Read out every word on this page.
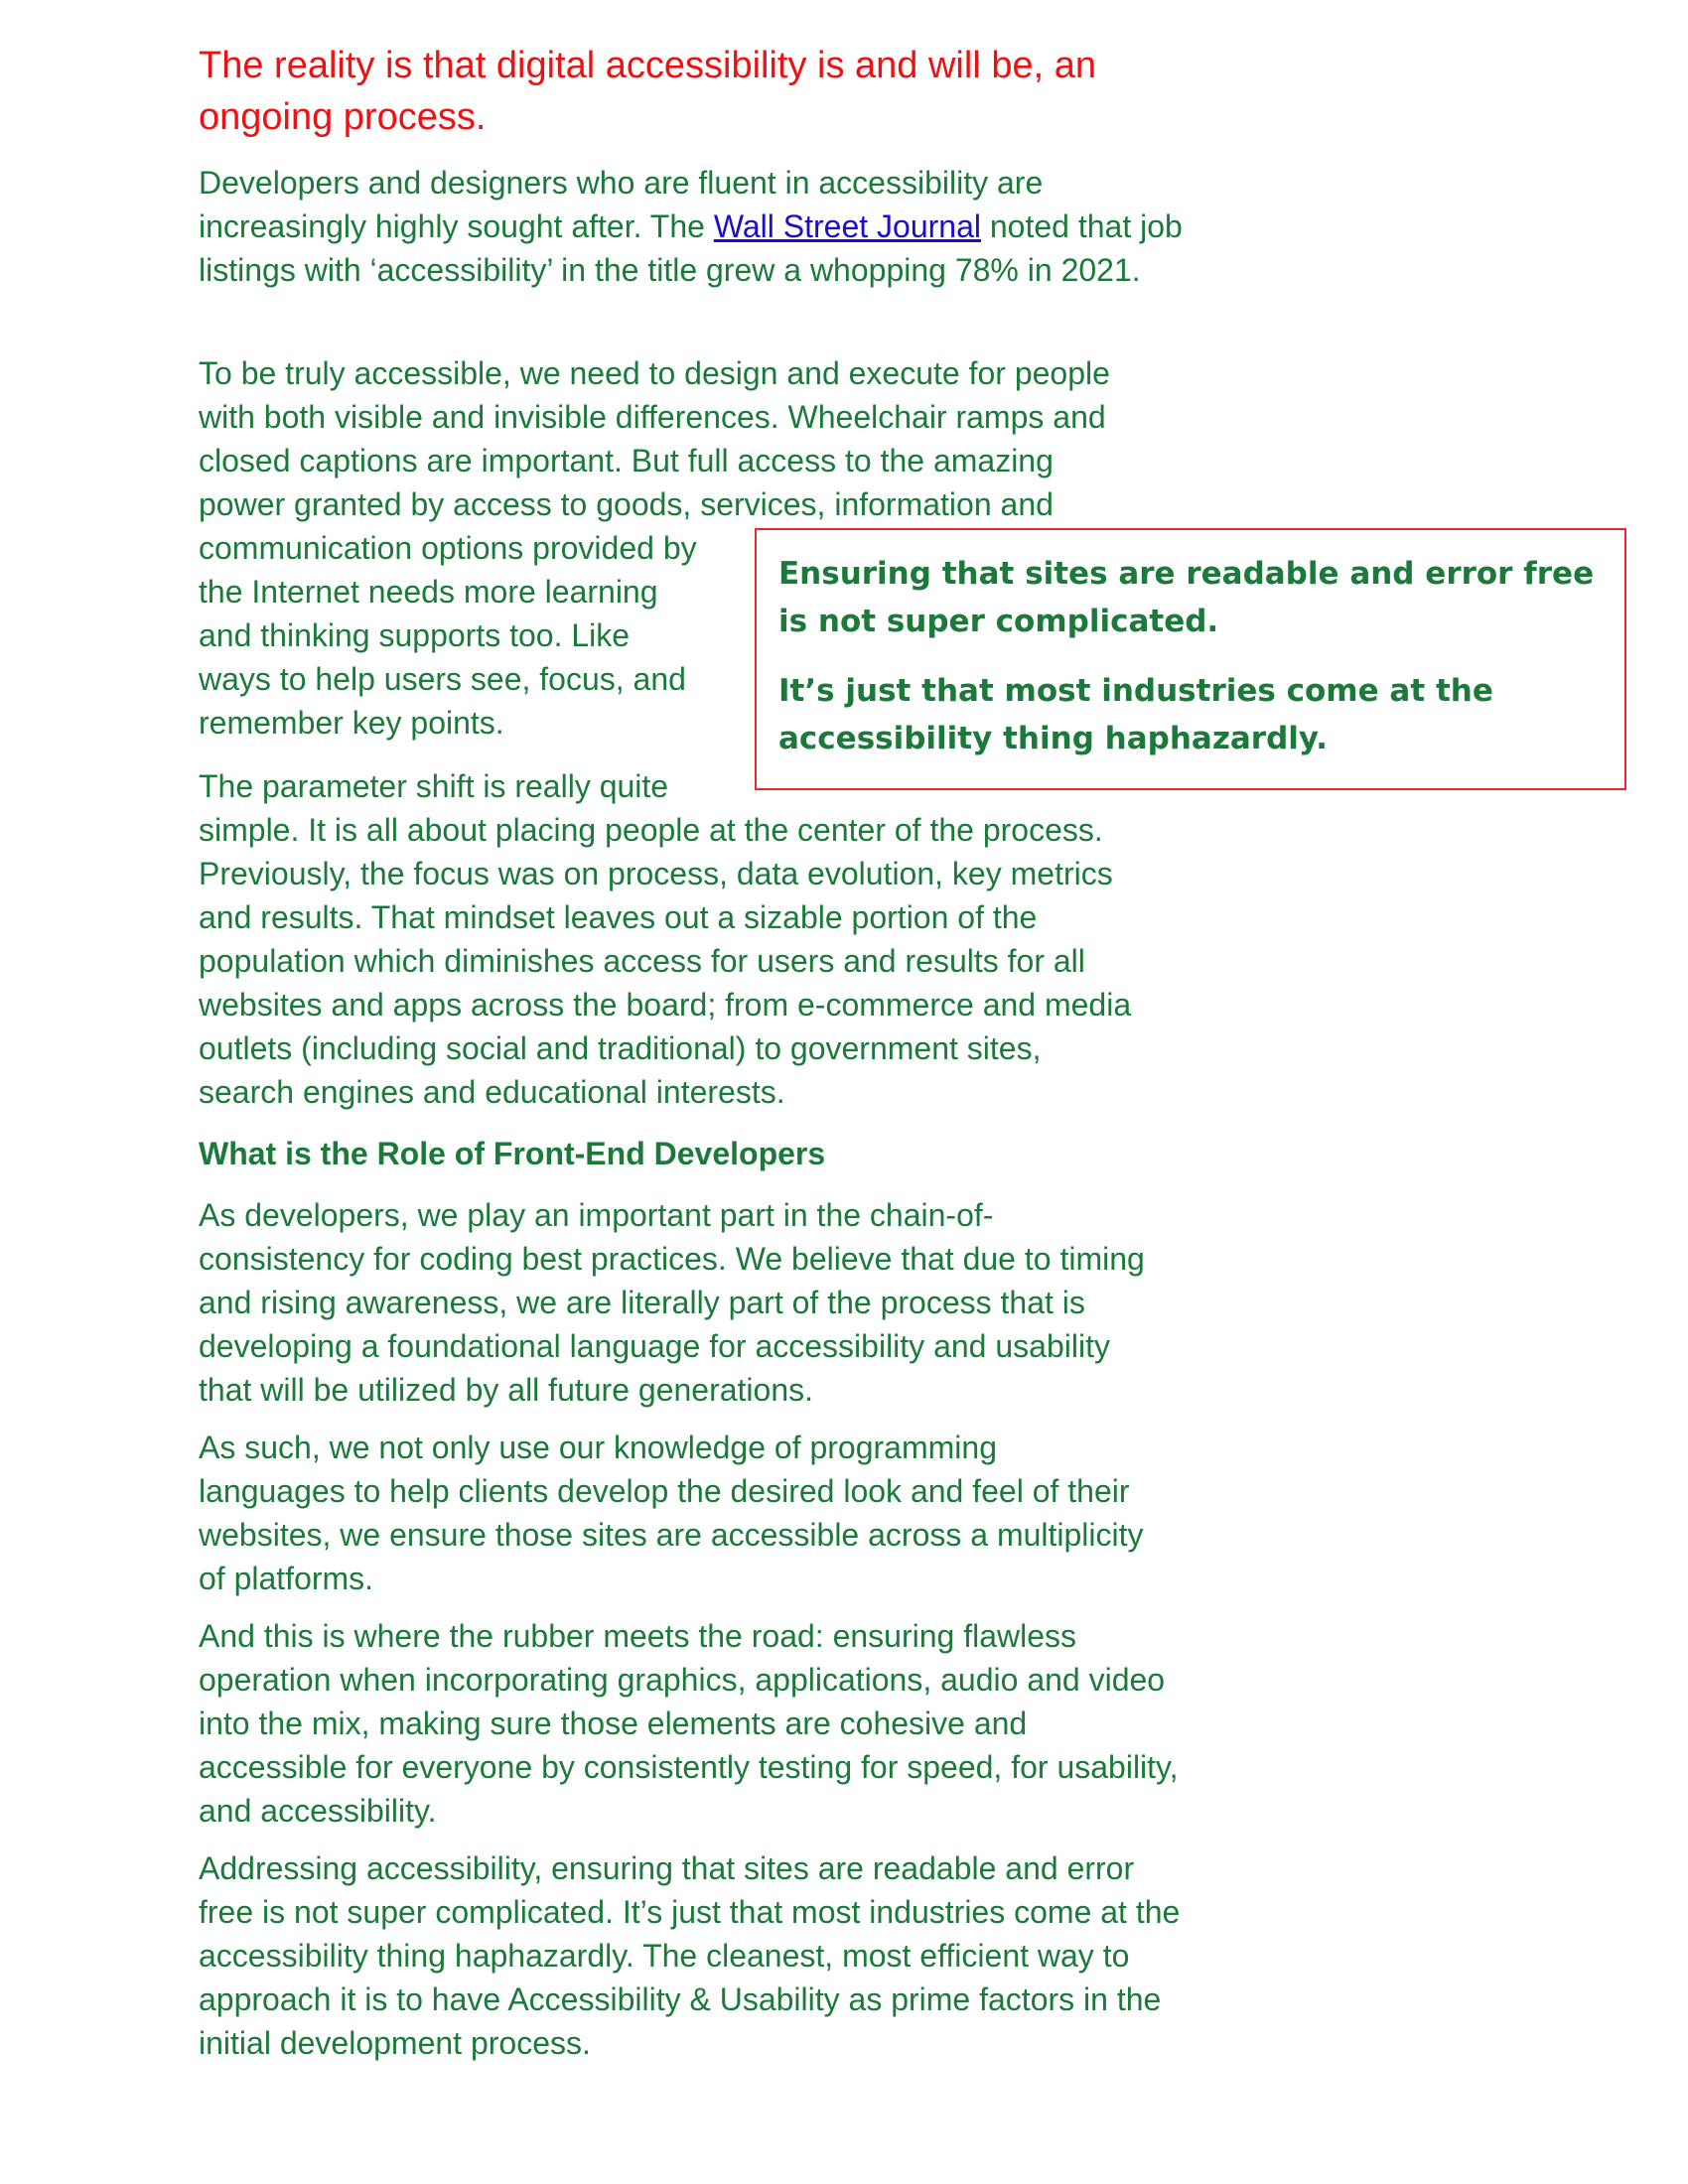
The reality is that digital accessibility is and will be, an ongoing process.

Developers and designers who are fluent in accessibility are increasingly highly sought after. The Wall Street Journal noted that job listings with ‘accessibility’ in the title grew a whopping 78% in 2021.

To be truly accessible, we need to design and execute for people
with both visible and invisible differences. Wheelchair ramps and
closed captions are important. But full access to the amazing
power granted by access to goods, services, information and
communication options provided by
the Internet needs more learning
and thinking supports too. Like
ways to help users see, focus, and
remember key points.

Ensuring that sites are readable and error free is not super complicated.

It’s just that most industries come at the accessibility thing haphazardly.

The parameter shift is really quite
simple. It is all about placing people at the center of the process.
Previously, the focus was on process, data evolution, key metrics
and results. That mindset leaves out a sizable portion of the
population which diminishes access for users and results for all
websites and apps across the board; from e-commerce and media
outlets (including social and traditional) to government sites,
search engines and educational interests.
What is the Role of Front-End Developers

As developers, we play an important part in the chain-of-consistency for coding best practices. We believe that due to timing and rising awareness, we are literally part of the process that is developing a foundational language for accessibility and usability that will be utilized by all future generations.

As such, we not only use our knowledge of programming languages to help clients develop the desired look and feel of their websites, we ensure those sites are accessible across a multiplicity of platforms.

And this is where the rubber meets the road: ensuring flawless operation when incorporating graphics, applications, audio and video into the mix, making sure those elements are cohesive and accessible for everyone by consistently testing for speed, for usability, and accessibility.

Addressing accessibility, ensuring that sites are readable and error free is not super complicated. It’s just that most industries come at the accessibility thing haphazardly. The cleanest, most efficient way to approach it is to have Accessibility & Usability as prime factors in the initial development process.
